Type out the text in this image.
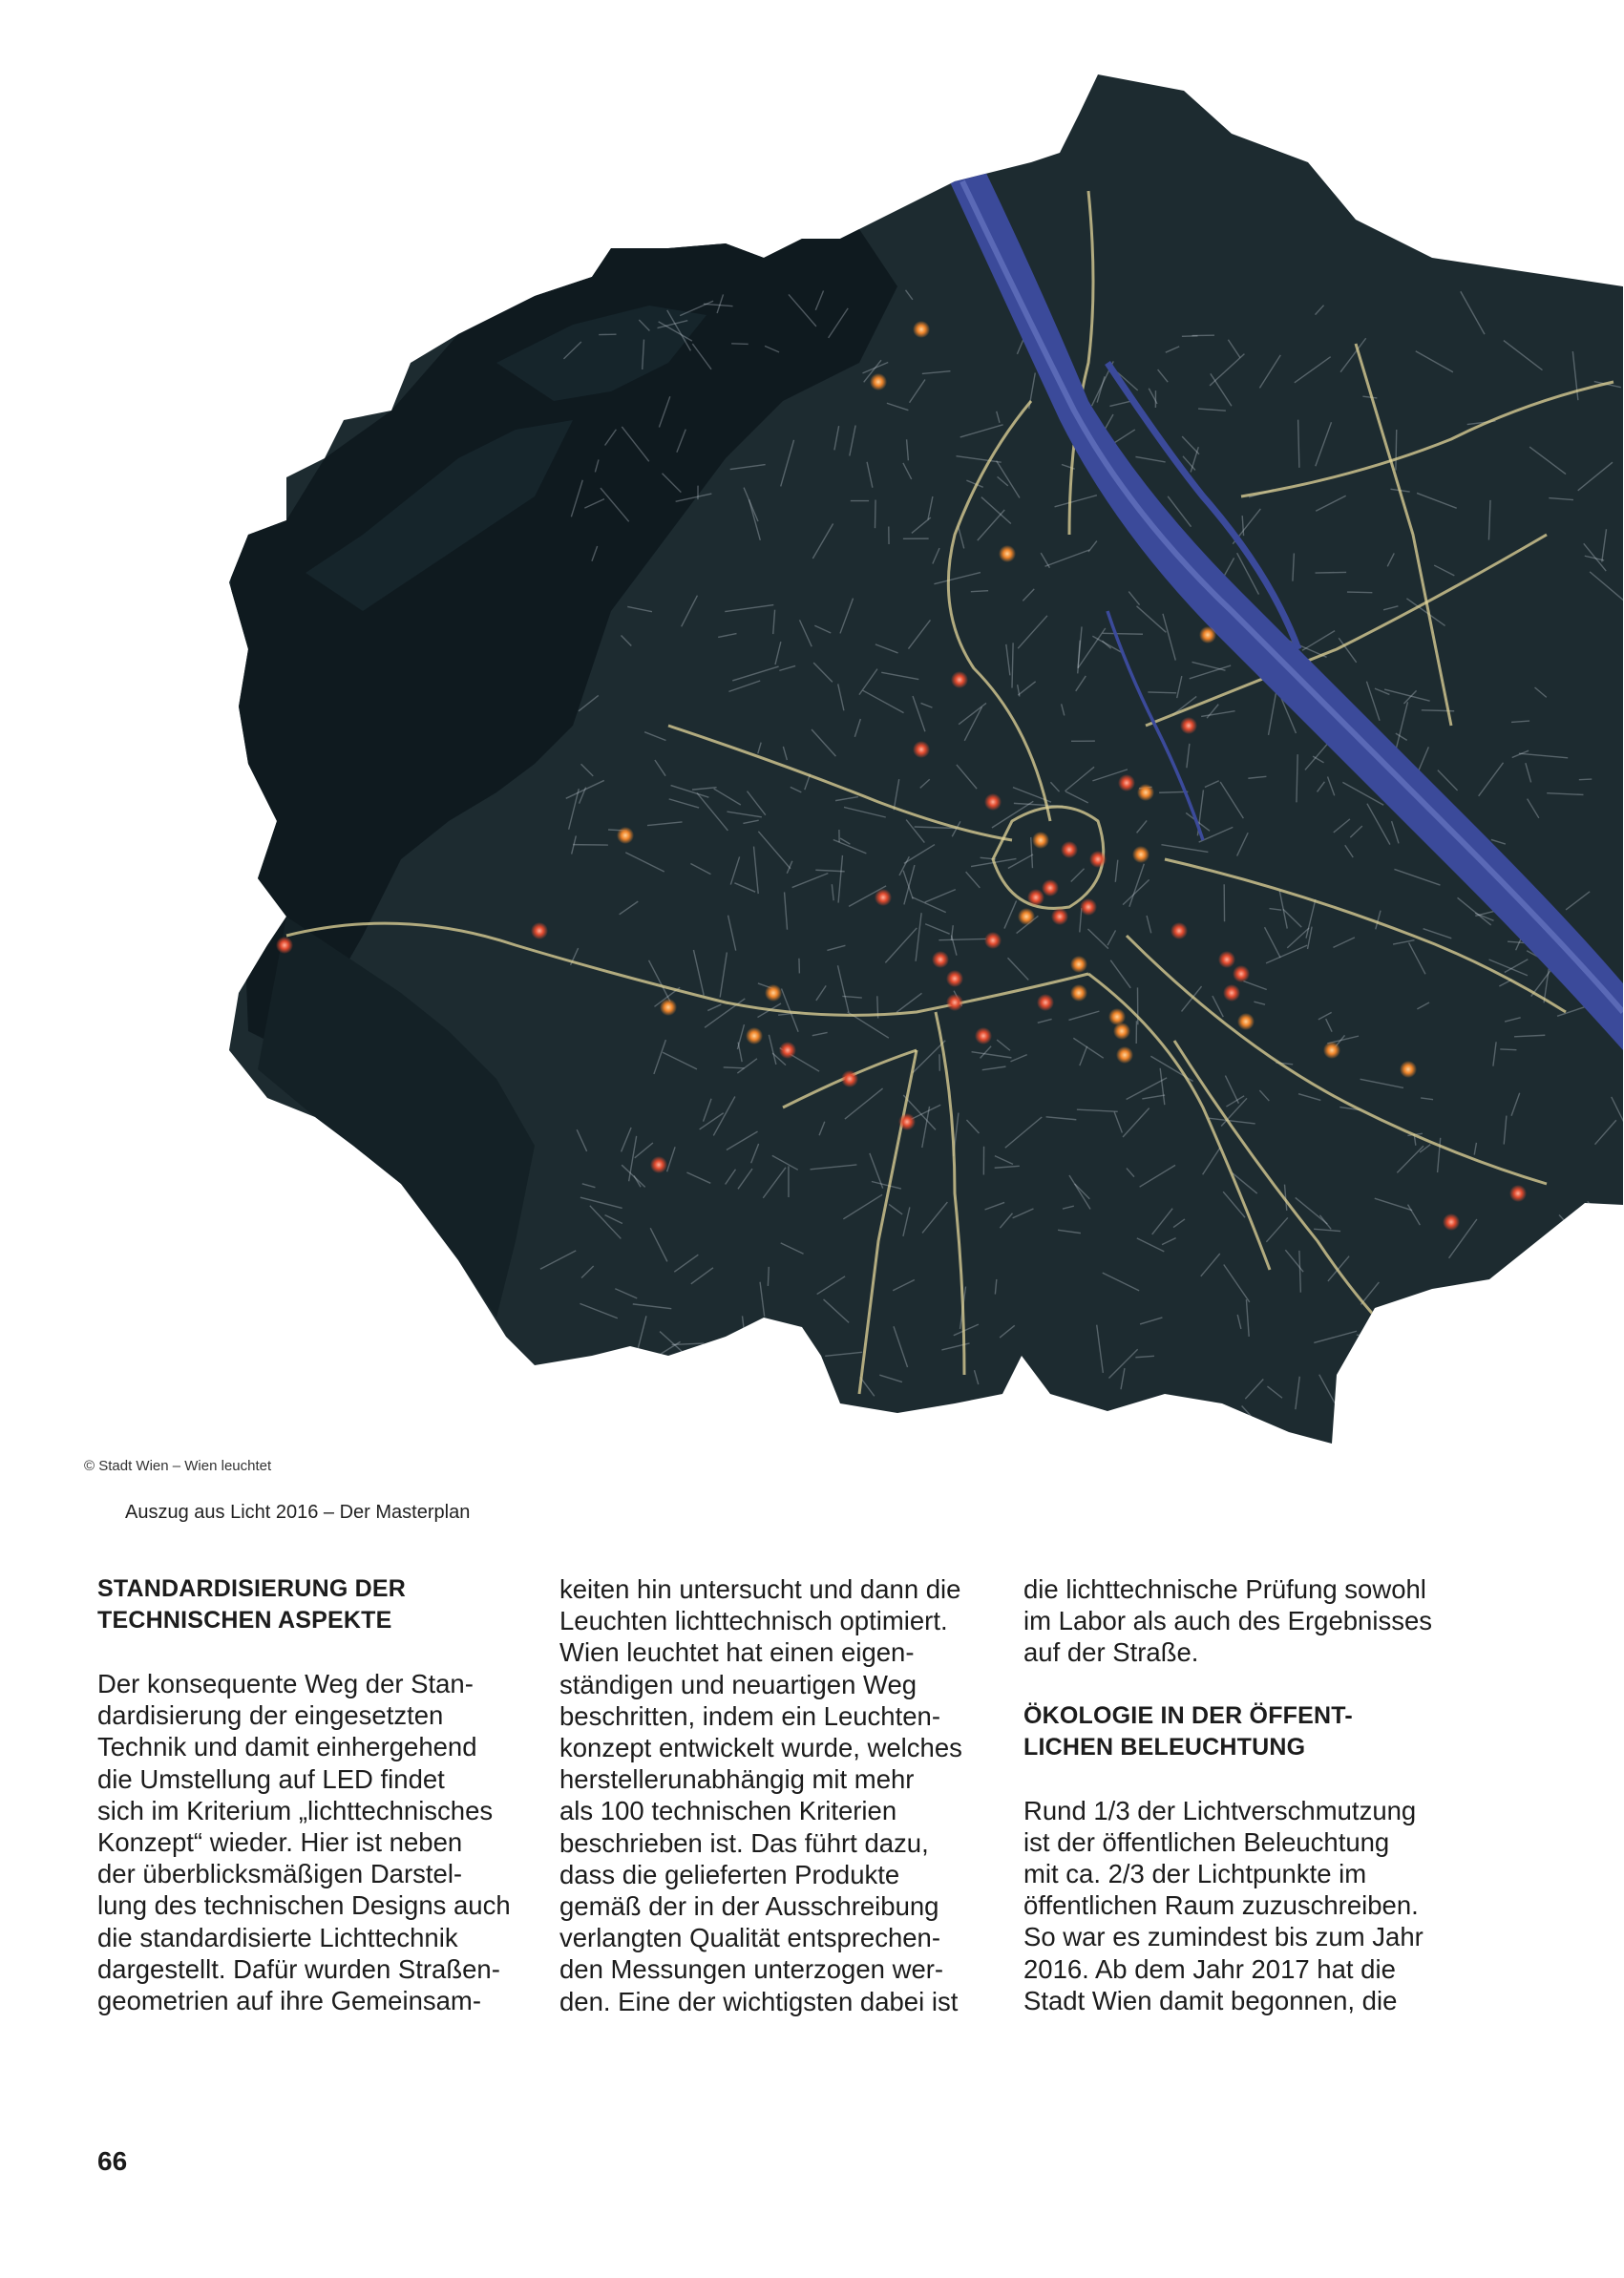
© Stadt Wien – Wien leuchtet
Auszug aus Licht 2016 – Der Masterplan
STANDARDISIERUNG DER
TECHNISCHEN ASPEKTE

Der konsequente Weg der Stan-
dardisierung der eingesetzten
Technik und damit einhergehend
die Umstellung auf LED findet
sich im Kriterium „lichttechnisches
Konzept“ wieder. Hier ist neben
der überblicksmäßigen Darstel-
lung des technischen Designs auch
die standardisierte Lichttechnik
dargestellt. Dafür wurden Straßen-
geometrien auf ihre Gemeinsam-

keiten hin untersucht und dann die
Leuchten lichttechnisch optimiert.
Wien leuchtet hat einen eigen-
ständigen und neuartigen Weg
beschritten, indem ein Leuchten-
konzept entwickelt wurde, welches
herstellerunabhängig mit mehr
als 100 technischen Kriterien
beschrieben ist. Das führt dazu,
dass die gelieferten Produkte
gemäß der in der Ausschreibung
verlangten Qualität entsprechen-
den Messungen unterzogen wer-
den. Eine der wichtigsten dabei ist

die lichttechnische Prüfung sowohl
im Labor als auch des Ergebnisses
auf der Straße.

ÖKOLOGIE IN DER ÖFFENT-
LICHEN BELEUCHTUNG

Rund 1/3 der Lichtverschmutzung
ist der öffentlichen Beleuchtung
mit ca. 2/3 der Lichtpunkte im
öffentlichen Raum zuzuschreiben.
So war es zumindest bis zum Jahr
2016. Ab dem Jahr 2017 hat die
Stadt Wien damit begonnen, die

66
